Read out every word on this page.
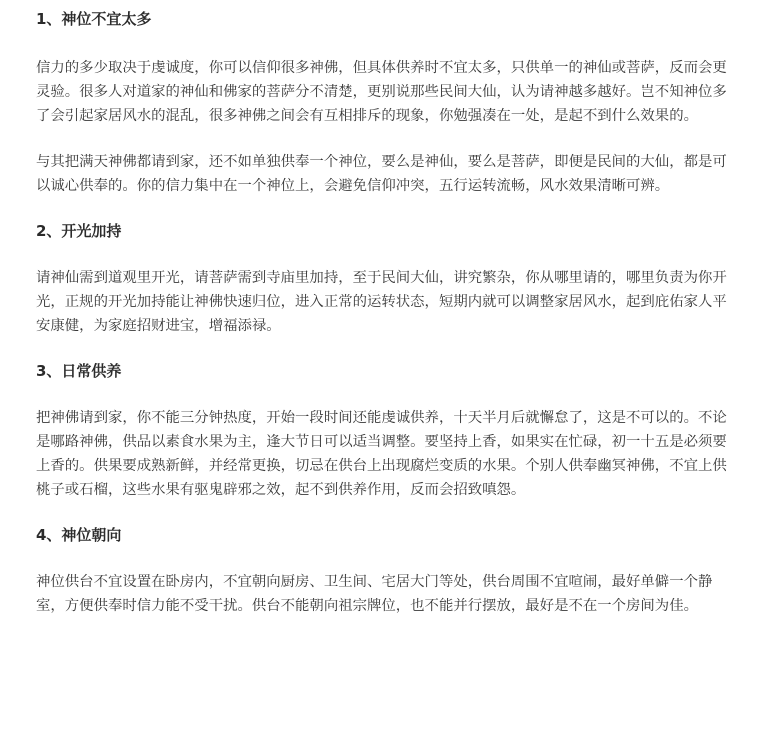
1、神位不宜太多

信力的多少取决于虔诚度，你可以信仰很多神佛，但具体供养时不宜太多，只供单一的神仙或菩萨，反而会更灵验。很多人对道家的神仙和佛家的菩萨分不清楚，更别说那些民间大仙，认为请神越多越好。岂不知神位多了会引起家居风水的混乱，很多神佛之间会有互相排斥的现象，你勉强凑在一处，是起不到什么效果的。

与其把满天神佛都请到家，还不如单独供奉一个神位，要么是神仙，要么是菩萨，即便是民间的大仙，都是可以诚心供奉的。你的信力集中在一个神位上，会避免信仰冲突，五行运转流畅，风水效果清晰可辨。

2、开光加持

请神仙需到道观里开光，请菩萨需到寺庙里加持，至于民间大仙，讲究繁杂，你从哪里请的，哪里负责为你开光，正规的开光加持能让神佛快速归位，进入正常的运转状态，短期内就可以调整家居风水，起到庇佑家人平安康健，为家庭招财进宝，增福添禄。

3、日常供养

把神佛请到家，你不能三分钟热度，开始一段时间还能虔诚供养，十天半月后就懈怠了，这是不可以的。不论是哪路神佛，供品以素食水果为主，逢大节日可以适当调整。要坚持上香，如果实在忙碌，初一十五是必须要上香的。供果要成熟新鲜，并经常更换，切忌在供台上出现腐烂变质的水果。个别人供奉幽冥神佛，不宜上供桃子或石榴，这些水果有驱鬼辟邪之效，起不到供养作用，反而会招致嗔怨。

4、神位朝向

神位供台不宜设置在卧房内，不宜朝向厨房、卫生间、宅居大门等处，供台周围不宜喧闹，最好单僻一个静室，方便供奉时信力能不受干扰。供台不能朝向祖宗牌位，也不能并行摆放，最好是不在一个房间为佳。
